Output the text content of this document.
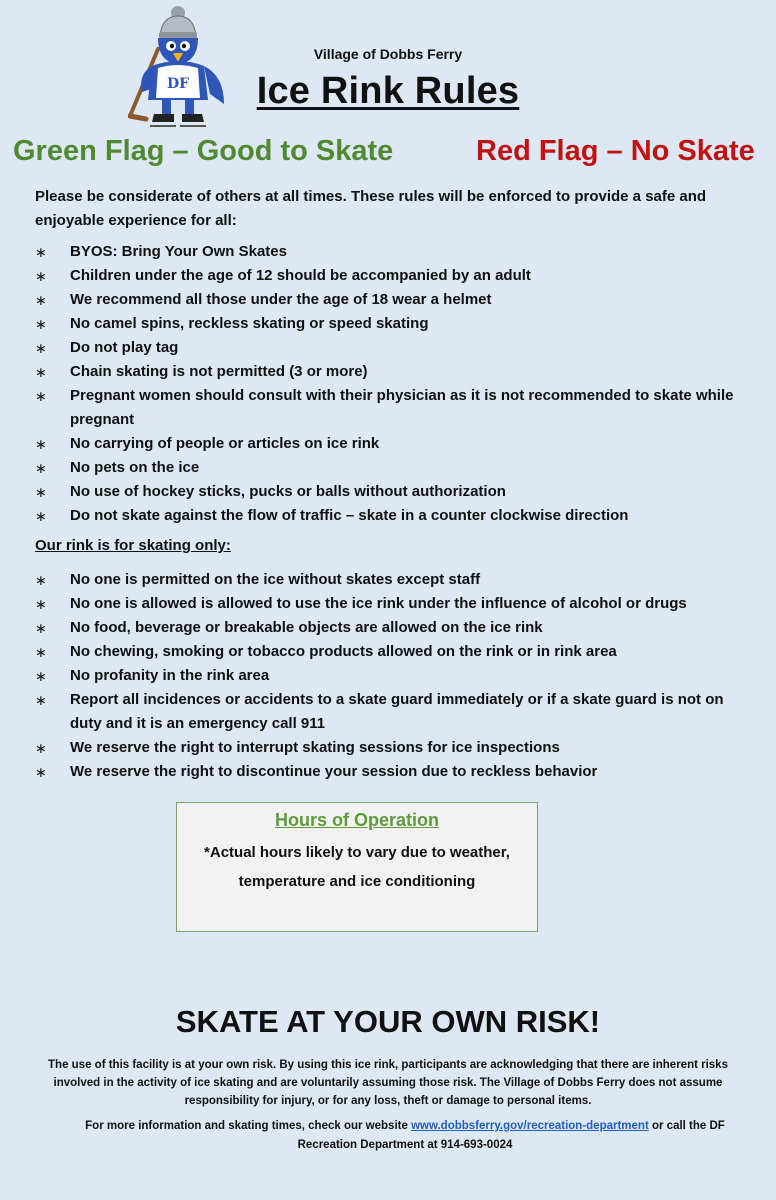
DF
Village of Dobbs Ferry
Ice Rink Rules
Green Flag – Good to Skate	Red Flag – No Skate
Please be considerate of others at all times. These rules will be enforced to provide a safe and enjoyable experience for all:
∗	BYOS: Bring Your Own Skates
∗	Children under the age of 12 should be accompanied by an adult
∗	We recommend all those under the age of 18 wear a helmet
∗	No camel spins, reckless skating or speed skating
∗	Do not play tag
∗	Chain skating is not permitted (3 or more)
∗	Pregnant women should consult with their physician as it is not recommended to skate while pregnant
∗	No carrying of people or articles on ice rink
∗	No pets on the ice
∗	No use of hockey sticks, pucks or balls without authorization
∗	Do not skate against the flow of traffic – skate in a counter clockwise direction
Our rink is for skating only:
∗	No one is permitted on the ice without skates except staff
∗	No one is allowed is allowed to use the ice rink under the influence of alcohol or drugs
∗	No food, beverage or breakable objects are allowed on the ice rink
∗	No chewing, smoking or tobacco products allowed on the rink or in rink area
∗	No profanity in the rink area
∗	Report all incidences or accidents to a skate guard immediately or if a skate guard is not on duty and it is an emergency call 911
∗	We reserve the right to interrupt skating sessions for ice inspections
∗	We reserve the right to discontinue your session due to reckless behavior
Hours of Operation
*Actual hours likely to vary due to weather,
temperature and ice conditioning
SKATE AT YOUR OWN RISK!
The use of this facility is at your own risk. By using this ice rink, participants are acknowledging that there are inherent risks involved in the activity of ice skating and are voluntarily assuming those risk. The Village of Dobbs Ferry does not assume responsibility for injury, or for any loss, theft or damage to personal items.
For more information and skating times, check our website www.dobbsferry.gov/recreation-department or call the DF Recreation Department at 914-693-0024
